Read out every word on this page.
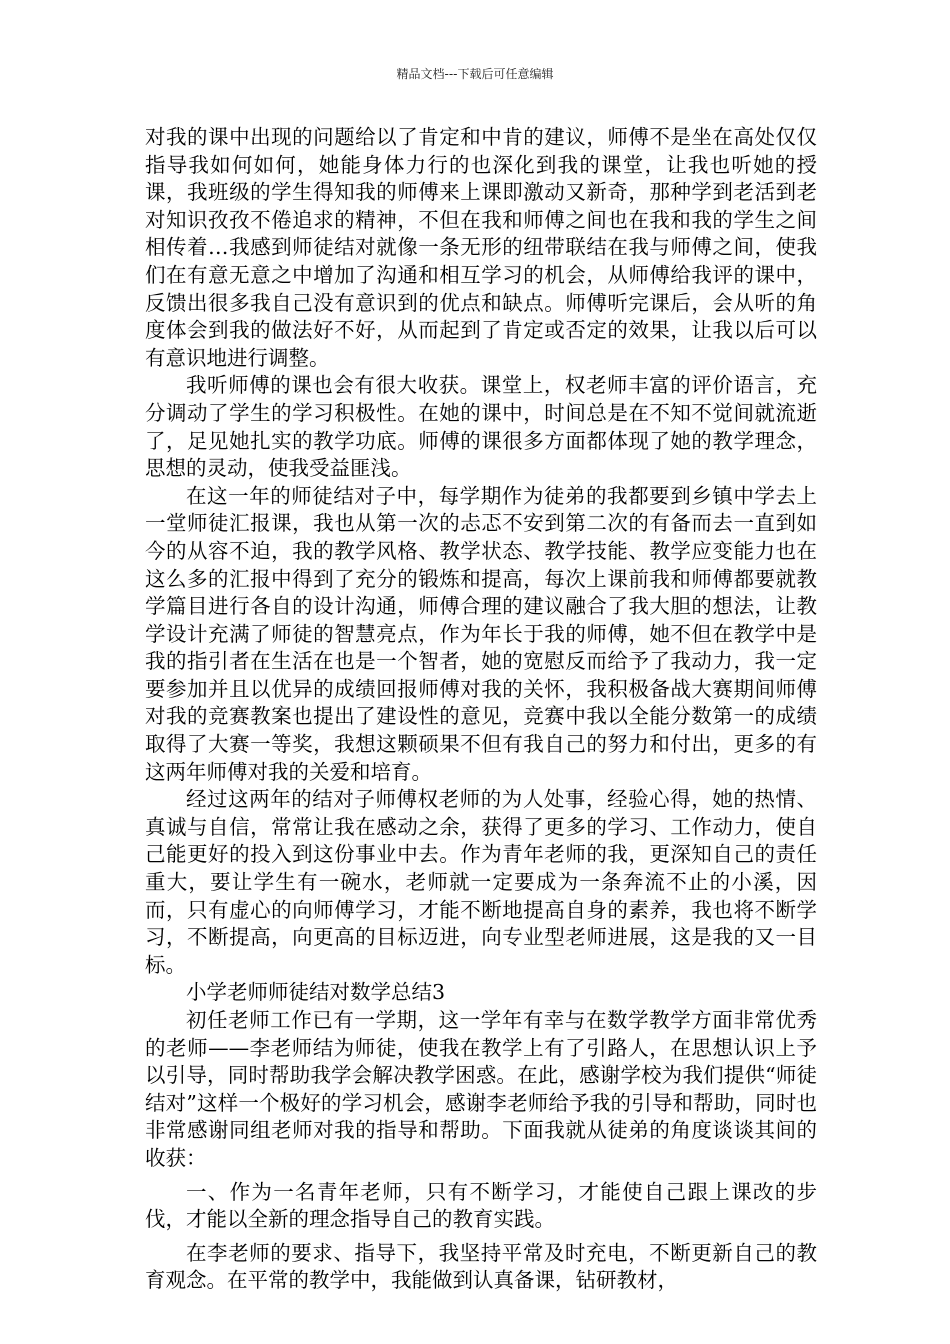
精品文档---下载后可任意编辑

对我的课中出现的问题给以了肯定和中肯的建议，师傅不是坐在高处仅仅指导我如何如何，她能身体力行的也深化到我的课堂，让我也听她的授课，我班级的学生得知我的师傅来上课即激动又新奇，那种学到老活到老对知识孜孜不倦追求的精神，不但在我和师傅之间也在我和我的学生之间相传着…我感到师徒结对就像一条无形的纽带联结在我与师傅之间，使我们在有意无意之中增加了沟通和相互学习的机会，从师傅给我评的课中，反馈出很多我自己没有意识到的优点和缺点。师傅听完课后，会从听的角度体会到我的做法好不好，从而起到了肯定或否定的效果，让我以后可以有意识地进行调整。

我听师傅的课也会有很大收获。课堂上，权老师丰富的评价语言，充分调动了学生的学习积极性。在她的课中，时间总是在不知不觉间就流逝了，足见她扎实的教学功底。师傅的课很多方面都体现了她的教学理念，思想的灵动，使我受益匪浅。

在这一年的师徒结对子中，每学期作为徒弟的我都要到乡镇中学去上一堂师徒汇报课，我也从第一次的忐忑不安到第二次的有备而去一直到如今的从容不迫，我的教学风格、教学状态、教学技能、教学应变能力也在这么多的汇报中得到了充分的锻炼和提高，每次上课前我和师傅都要就教学篇目进行各自的设计沟通，师傅合理的建议融合了我大胆的想法，让教学设计充满了师徒的智慧亮点，作为年长于我的师傅，她不但在教学中是我的指引者在生活在也是一个智者，她的宽慰反而给予了我动力，我一定要参加并且以优异的成绩回报师傅对我的关怀，我积极备战大赛期间师傅对我的竞赛教案也提出了建设性的意见，竞赛中我以全能分数第一的成绩取得了大赛一等奖，我想这颗硕果不但有我自己的努力和付出，更多的有这两年师傅对我的关爱和培育。

经过这两年的结对子师傅权老师的为人处事，经验心得，她的热情、真诚与自信，常常让我在感动之余，获得了更多的学习、工作动力，使自己能更好的投入到这份事业中去。作为青年老师的我，更深知自己的责任重大，要让学生有一碗水，老师就一定要成为一条奔流不止的小溪，因而，只有虚心的向师傅学习，才能不断地提高自身的素养，我也将不断学习，不断提高，向更高的目标迈进，向专业型老师进展，这是我的又一目标。

小学老师师徒结对数学总结3

初任老师工作已有一学期，这一学年有幸与在数学教学方面非常优秀的老师——李老师结为师徒，使我在教学上有了引路人，在思想认识上予以引导，同时帮助我学会解决教学困惑。在此，感谢学校为我们提供“师徒结对”这样一个极好的学习机会，感谢李老师给予我的引导和帮助，同时也非常感谢同组老师对我的指导和帮助。下面我就从徒弟的角度谈谈其间的收获：

一、作为一名青年老师，只有不断学习，才能使自己跟上课改的步伐，才能以全新的理念指导自己的教育实践。

在李老师的要求、指导下，我坚持平常及时充电，不断更新自己的教育观念。在平常的教学中，我能做到认真备课，钻研教材，
